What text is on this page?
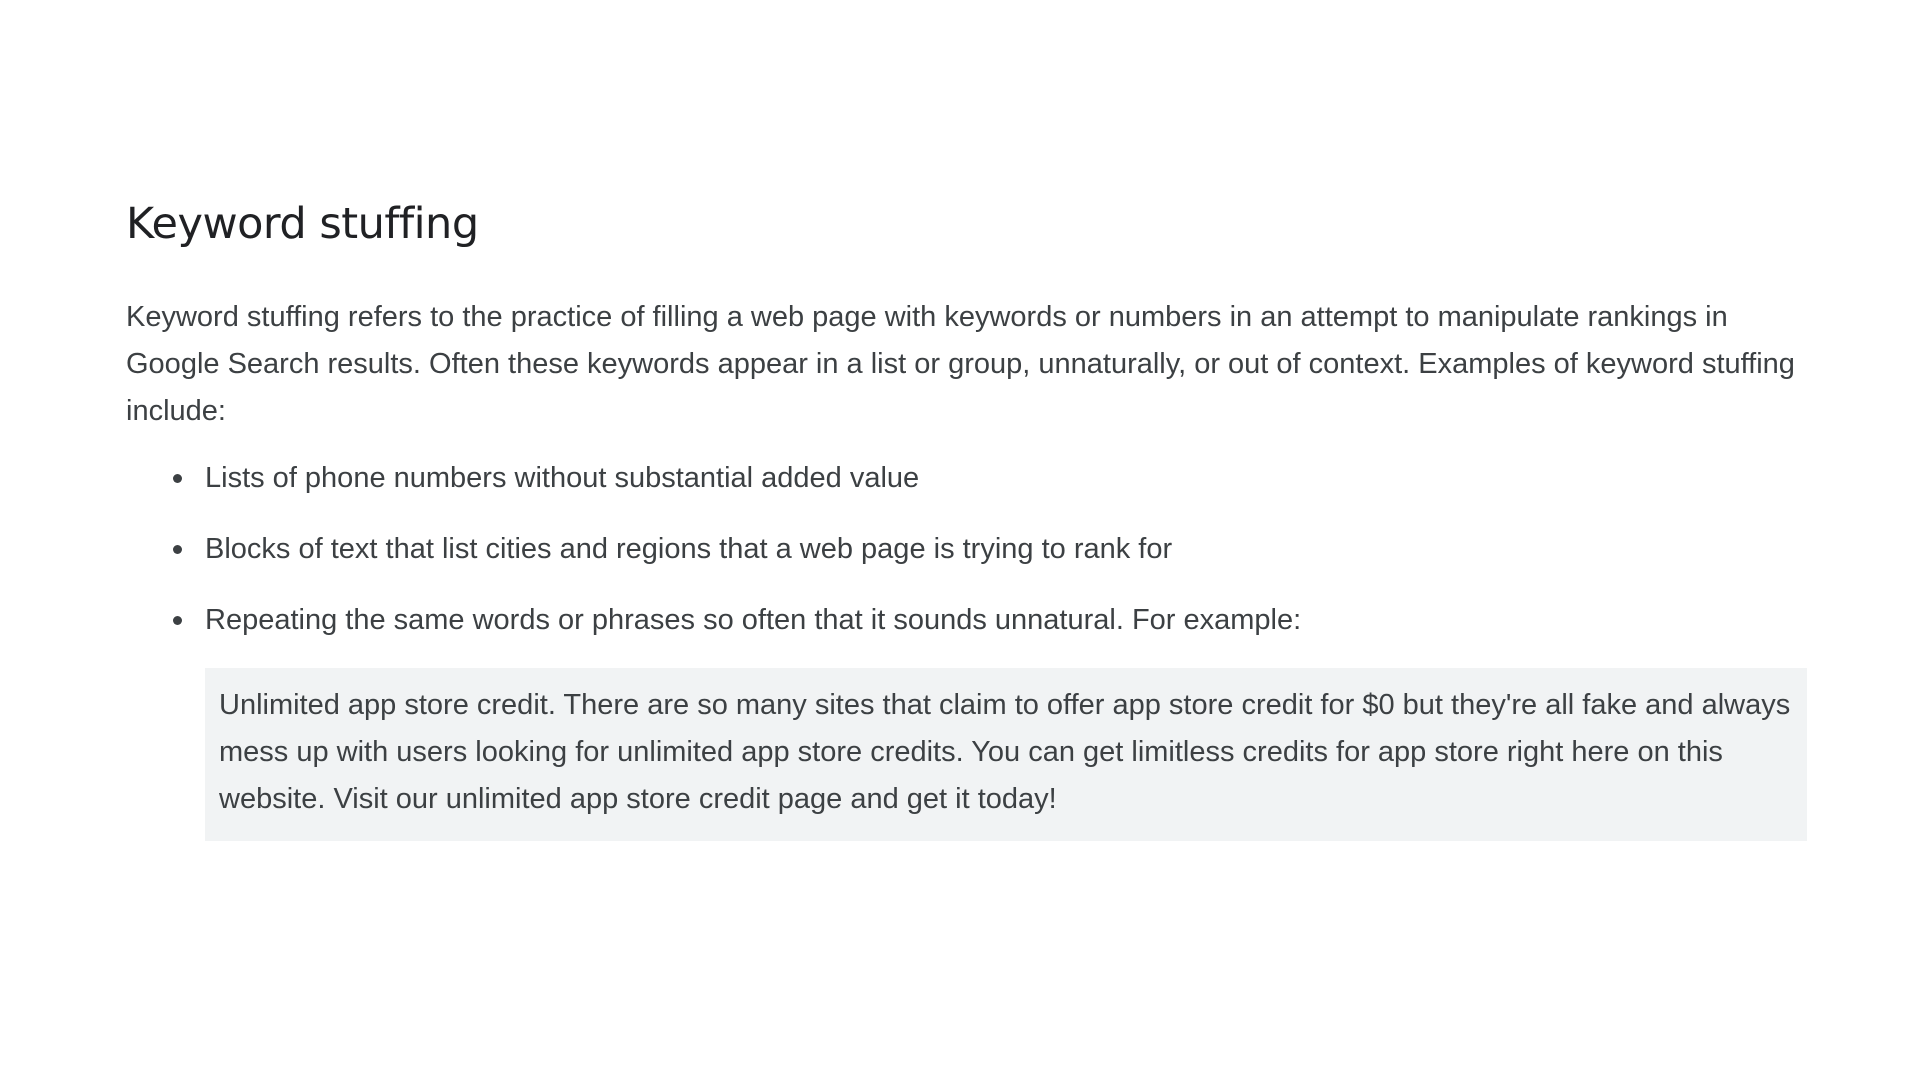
Keyword stuffing

Keyword stuffing refers to the practice of filling a web page with keywords or numbers in an attempt to manipulate rankings in Google Search results. Often these keywords appear in a list or group, unnaturally, or out of context. Examples of keyword stuffing include:

Lists of phone numbers without substantial added value
Blocks of text that list cities and regions that a web page is trying to rank for
Repeating the same words or phrases so often that it sounds unnatural. For example:
Unlimited app store credit. There are so many sites that claim to offer app store credit for $0 but they're all fake and always mess up with users looking for unlimited app store credits. You can get limitless credits for app store right here on this website. Visit our unlimited app store credit page and get it today!
